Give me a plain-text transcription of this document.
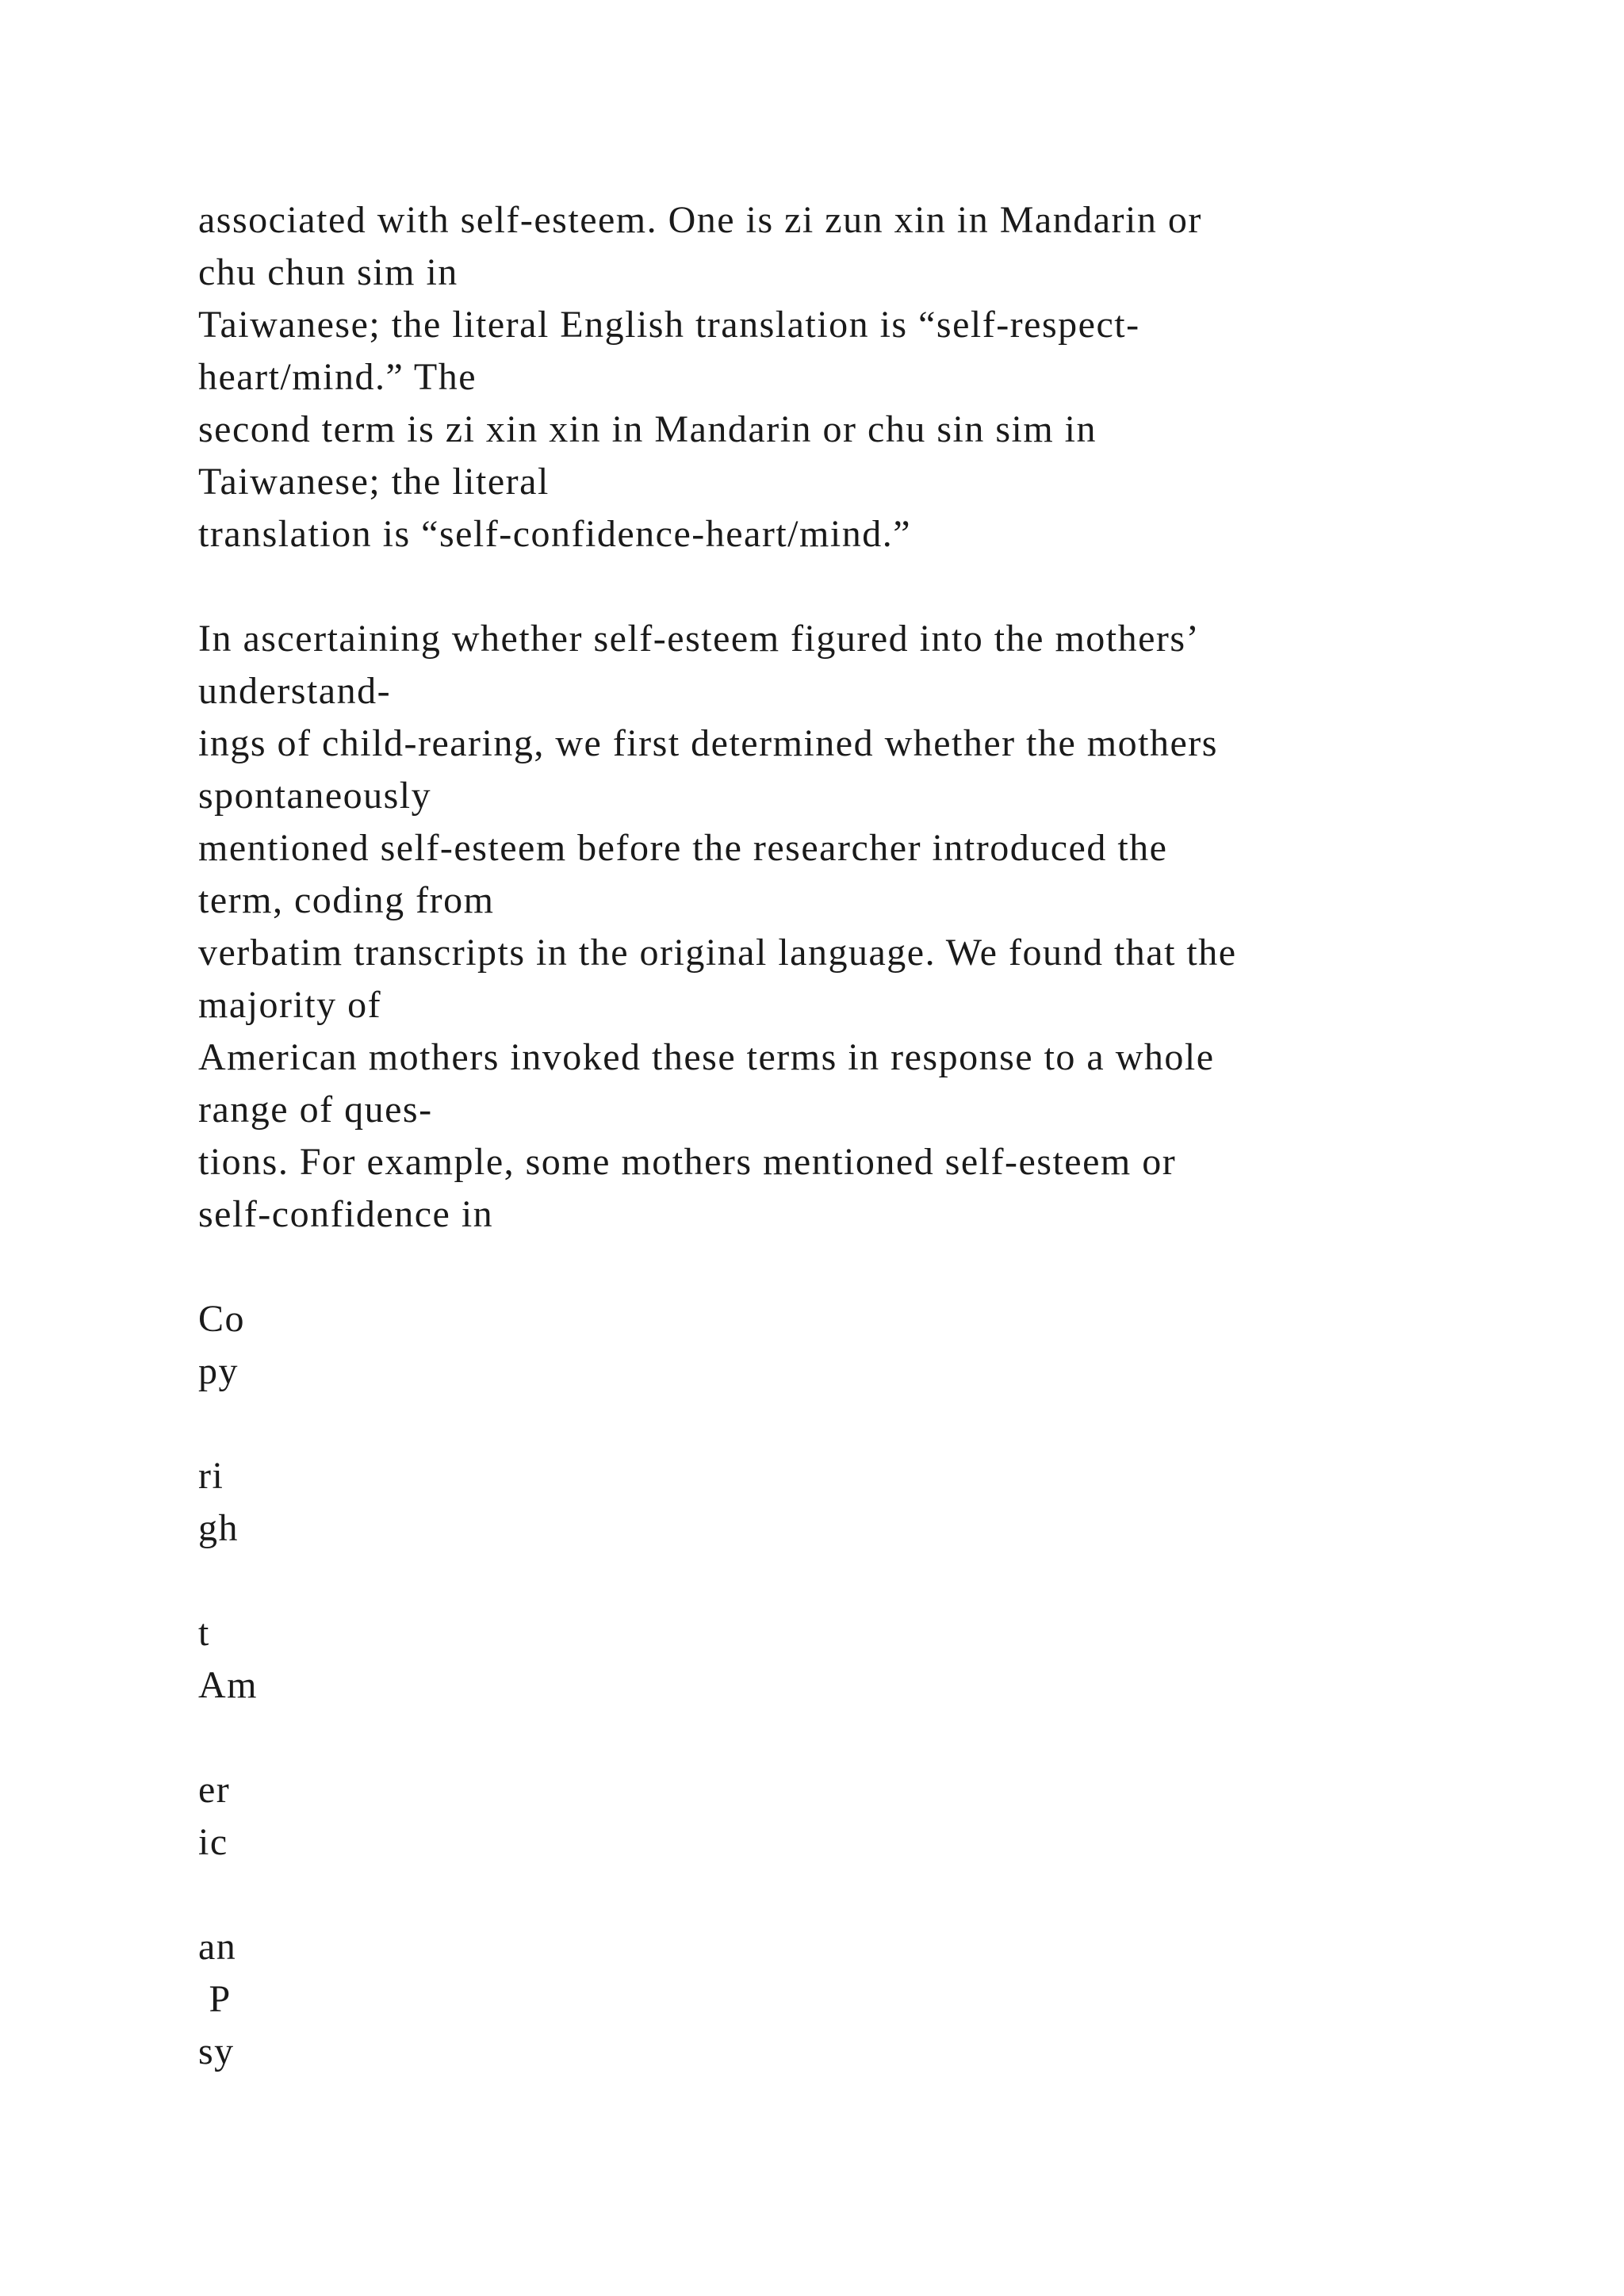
associated with self-esteem. One is zi zun xin in Mandarin or
chu chun sim in
Taiwanese; the literal English translation is “self-respect-
heart/mind.” The
second term is zi xin xin in Mandarin or chu sin sim in
Taiwanese; the literal
translation is “self-confidence-heart/mind.”
In ascertaining whether self-esteem figured into the mothers’
understand-
ings of child-rearing, we first determined whether the mothers
spontaneously
mentioned self-esteem before the researcher introduced the
term, coding from
verbatim transcripts in the original language. We found that the
majority of
American mothers invoked these terms in response to a whole
range of ques-
tions. For example, some mothers mentioned self-esteem or
self-confidence in
Co
py
ri
gh
t
Am
er
ic
an
P
sy
